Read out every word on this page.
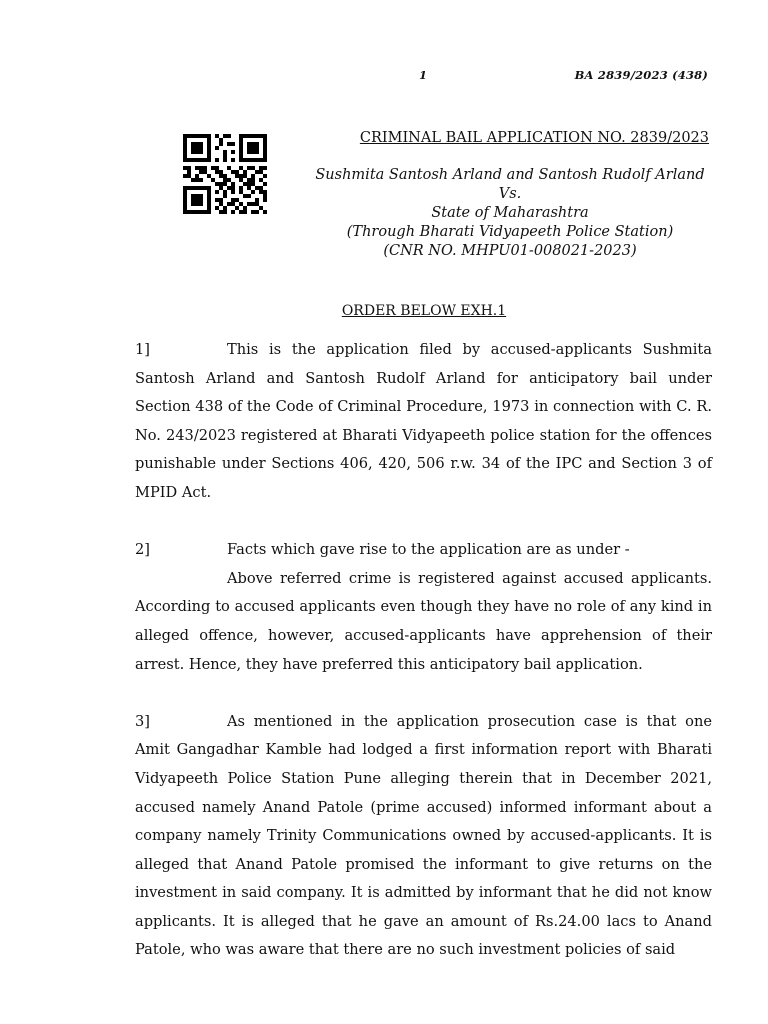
1	BA 2839/2023 (438)

CRIMINAL BAIL APPLICATION NO. 2839/2023

Sushmita Santosh Arland and Santosh Rudolf Arland

Vs.

State of Maharashtra

(Through Bharati Vidyapeeth Police Station)

(CNR NO. MHPU01-008021-2023)

ORDER BELOW EXH.1

1]	This is the application filed by accused-applicants Sushmita Santosh Arland and Santosh Rudolf Arland for anticipatory bail under Section 438 of the Code of Criminal Procedure, 1973 in connection with C. R. No. 243/2023 registered at Bharati Vidyapeeth police station for the offences punishable under Sections 406, 420, 506 r.w. 34 of the IPC and Section 3 of MPID Act.

2]	Facts which gave rise to the application are as under -

Above referred crime is registered against accused applicants. According to accused applicants even though they have no role of any kind in alleged offence, however, accused-applicants have apprehension of their arrest. Hence, they have preferred this anticipatory bail application.

3]	As mentioned in the application prosecution case is that one Amit Gangadhar Kamble had lodged a first information report with Bharati Vidyapeeth Police Station Pune alleging therein that in December 2021, accused namely Anand Patole (prime accused) informed informant about a company namely Trinity Communications owned by accused-applicants. It is alleged that Anand Patole promised the informant to give returns on the investment in said company. It is admitted by informant that he did not know applicants. It is alleged that he gave an amount of Rs.24.00 lacs to Anand Patole, who was aware that there are no such investment policies of said
